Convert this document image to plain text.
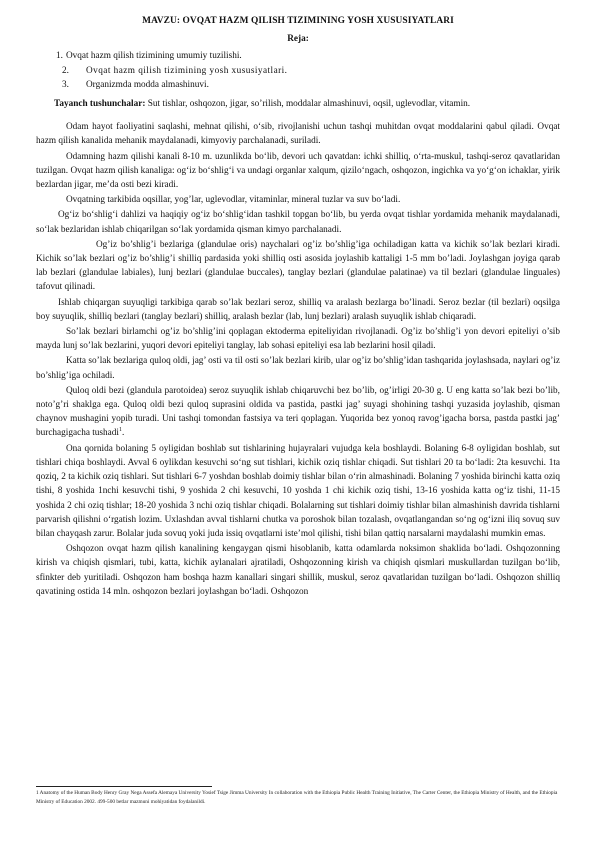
MAVZU: OVQAT HAZM QILISH TIZIMINING YOSH XUSUSIYATLARI
Reja:
1. Ovqat hazm qilish tizimining umumiy tuzilishi.
2.	Ovqat hazm qilish tizimining yosh xususiyatlari.
3.	Organizmda modda almashinuvi.
Tayanch tushunchalar: Sut tishlar, oshqozon, jigar, so’rilish, moddalar almashinuvi, oqsil, uglevodlar, vitamin.

Odam hayot faoliyatini saqlashi, mehnat qilishi, o‘sib, rivojlanishi uchun tashqi muhitdan ovqat moddalarini qabul qiladi. Ovqat hazm qilish kanalida mehanik maydalanadi, kimyoviy parchalanadi, suriladi.

Odamning hazm qilishi kanali 8-10 m. uzunlikda bo‘lib, devori uch qavatdan: ichki shilliq, o‘rta-muskul, tashqi-seroz qavatlaridan tuzilgan. Ovqat hazm qilish kanaliga: og‘iz bo‘shlig‘i va undagi organlar xalqum, qizilo‘ngach, oshqozon, ingichka va yo‘g‘on ichaklar, yirik bezlardan jigar, me’da osti bezi kiradi.

Ovqatning tarkibida oqsillar, yog’lar, uglevodlar, vitaminlar, mineral tuzlar va suv bo‘ladi.

Og‘iz bo‘shlig‘i dahlizi va haqiqiy og‘iz bo‘shlig‘idan tashkil topgan bo‘lib, bu yerda ovqat tishlar yordamida mehanik maydalanadi, so‘lak bezlaridan ishlab chiqarilgan so‘lak yordamida qisman kimyo parchalanadi.

Og’iz bo’shlig’i bezlariga (glandulae oris) naychalari og’iz bo’shlig’iga ochiladigan katta va kichik so’lak bezlari kiradi. Kichik so’lak bezlari og’iz bo’shlig’i shilliq pardasida yoki shilliq osti asosida joylashib kattaligi 1-5 mm bo’ladi. Joylashgan joyiga qarab lab bezlari (glandulae labiales), lunj bezlari (glandulae buccales), tanglay bezlari (glandulae palatinae) va til bezlari (glandulae linguales) tafovut qilinadi.

Ishlab chiqargan suyuqligi tarkibiga qarab so’lak bezlari seroz, shilliq va aralash bezlarga bo’linadi. Seroz bezlar (til bezlari) oqsilga boy suyuqlik, shilliq bezlari (tanglay bezlari) shilliq, aralash bezlar (lab, lunj bezlari) aralash suyuqlik ishlab chiqaradi.

So’lak bezlari birlamchi og’iz bo’shlig’ini qoplagan ektoderma epiteliyidan rivojlanadi. Og’iz bo’shlig’i yon devori epiteliyi o’sib mayda lunj so’lak bezlarini, yuqori devori epiteliyi tanglay, lab sohasi epiteliyi esa lab bezlarini hosil qiladi.

Katta so’lak bezlariga quloq oldi, jag’ osti va til osti so’lak bezlari kirib, ular og’iz bo’shlig’idan tashqarida joylashsada, naylari og’iz bo’shlig’iga ochiladi.

Quloq oldi bezi (glandula parotoidea) seroz suyuqlik ishlab chiqaruvchi bez bo’lib, og’irligi 20-30 g. U eng katta so’lak bezi bo’lib, noto’g’ri shaklga ega. Quloq oldi bezi quloq suprasini oldida va pastida, pastki jag’ suyagi shohining tashqi yuzasida joylashib, qisman chaynov mushagini yopib turadi. Uni tashqi tomondan fastsiya va teri qoplagan. Yuqorida bez yonoq ravog’igacha borsa, pastda pastki jag’ burchagigacha tushadi$^1$.

Ona qornida bolaning 5 oyligidan boshlab sut tishlarining hujayralari vujudga kela boshlaydi. Bolaning 6-8 oyligidan boshlab, sut tishlari chiqa boshlaydi. Avval 6 oylikdan kesuvchi so‘ng sut tishlari, kichik oziq tishlar chiqadi. Sut tishlari 20 ta bo‘ladi: 2ta kesuvchi. 1ta qoziq, 2 ta kichik oziq tishlari. Sut tishlari 6-7 yoshdan boshlab doimiy tishlar bilan o‘rin almashinadi. Bolaning 7 yoshida birinchi katta oziq tishi, 8 yoshida 1nchi kesuvchi tishi, 9 yoshida 2 chi kesuvchi, 10 yoshda 1 chi kichik oziq tishi, 13-16 yoshida katta og‘iz tishi, 11-15 yoshida 2 chi oziq tishlar; 18-20 yoshida 3 nchi oziq tishlar chiqadi. Bolalarning sut tishlari doimiy tishlar bilan almashinish davrida tishlarni parvarish qilishni o‘rgatish lozim. Uxlashdan avval tishlarni chutka va poroshok bilan tozalash, ovqatlangandan so‘ng og‘izni iliq sovuq suv bilan chayqash zarur. Bolalar juda sovuq yoki juda issiq ovqatlarni iste’mol qilishi, tishi bilan qattiq narsalarni maydalashi mumkin emas.

Oshqozon ovqat hazm qilish kanalining kengaygan qismi hisoblanib, katta odamlarda noksimon shaklida bo‘ladi. Oshqozonning kirish va chiqish qismlari, tubi, katta, kichik aylanalari ajratiladi, Oshqozonning kirish va chiqish qismlari muskullardan tuzilgan bo‘lib, sfinkter deb yuritiladi. Oshqozon ham boshqa hazm kanallari singari shillik, muskul, seroz qavatlaridan tuzilgan bo‘ladi. Oshqozon shilliq qavatining ostida 14 mln. oshqozon bezlari joylashgan bo‘ladi. Oshqozon

1 Anatomy of the Human Body Henry Gray Nega Assefa Alemaya University Yosief Tsige Jimma University In collaboration with the Ethiopia Public Health Training Initiative, The Carter Center, the Ethiopia Ministry of Health, and the Ethiopia Ministry of Education 2002. 499-500 betlar mazmuni mohiyatidan foydalanildi.
